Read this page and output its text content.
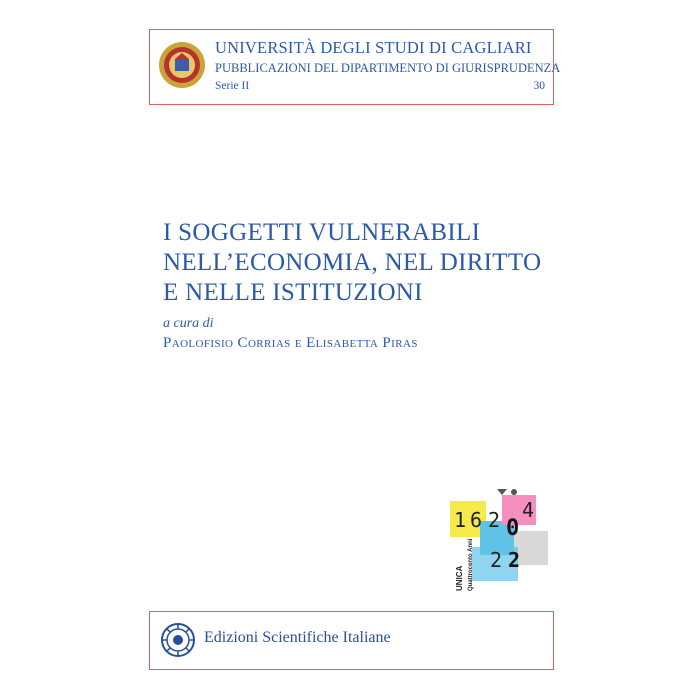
UNIVERSITÀ DEGLI STUDI DI CAGLIARI
PUBBLICAZIONI DEL DIPARTIMENTO DI GIURISPRUDENZA
Serie II	30
I SOGGETTI VULNERABILI
NELL’ECONOMIA, NEL DIRITTO
E NELLE ISTITUZIONI
a cura di
Paolofisio Corrias e Elisabetta Piras
1 6 2 0
4
2 2
UNICA Quattrocento Anni
Edizioni Scientifiche Italiane
